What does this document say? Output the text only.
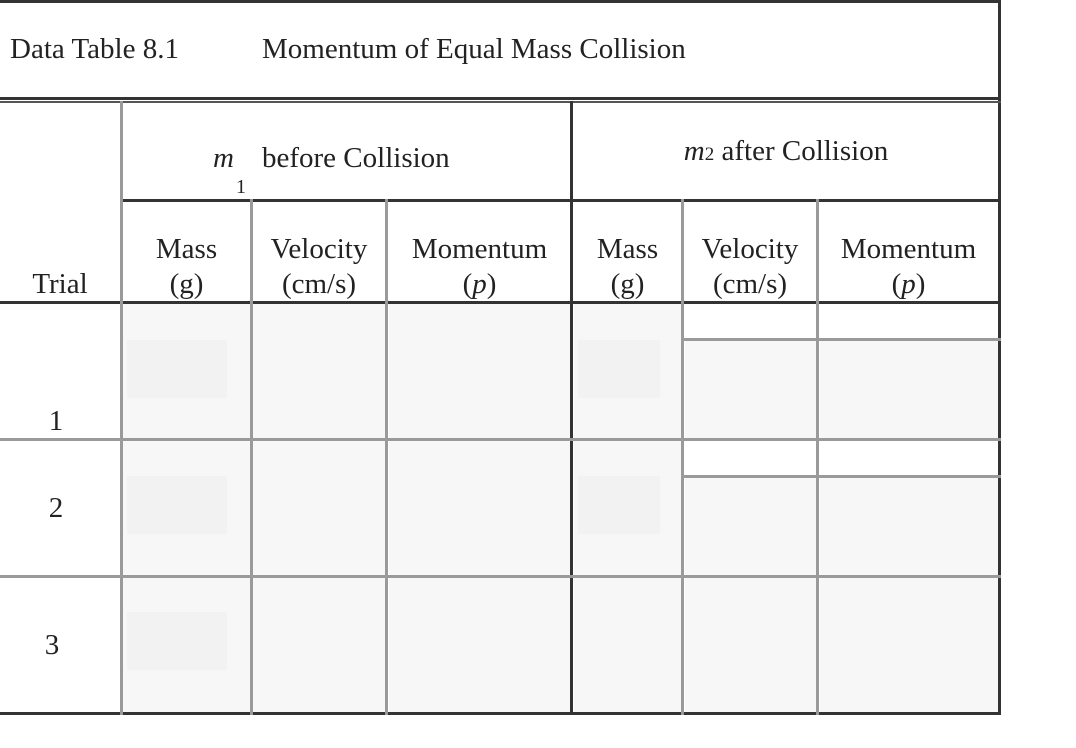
Data Table 8.1	Momentum of Equal Mass Collision
m
1
before Collision	m2 after Collision
Trial
Mass
(g)
Velocity
(cm/s)
Momentum
(p)
Mass
(g)
Velocity
(cm/s)
Momentum
(p)
1
2
3
